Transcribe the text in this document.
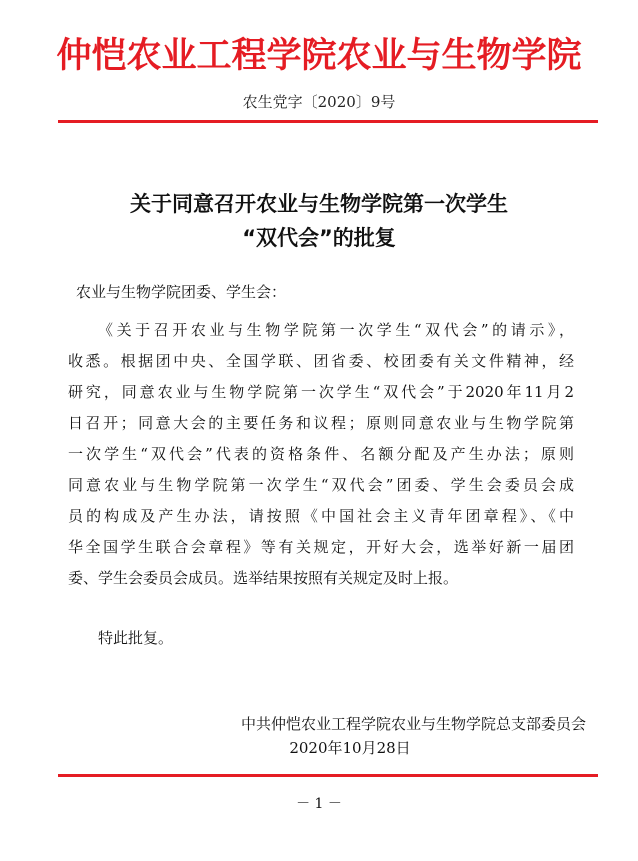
仲恺农业工程学院农业与生物学院
农生党字〔2020〕9号
关于同意召开农业与生物学院第一次学生
“双代会”的批复
农业与生物学院团委、学生会：
《关于召开农业与生物学院第一次学生“双代会”的请示》，
收悉。根据团中央、全国学联、团省委、校团委有关文件精神，经
研究，同意农业与生物学院第一次学生“双代会”于2020年11月2
日召开；同意大会的主要任务和议程；原则同意农业与生物学院第
一次学生“双代会”代表的资格条件、名额分配及产生办法；原则
同意农业与生物学院第一次学生“双代会”团委、学生会委员会成
员的构成及产生办法，请按照《中国社会主义青年团章程》、《中
华全国学生联合会章程》等有关规定，开好大会，选举好新一届团
委、学生会委员会成员。选举结果按照有关规定及时上报。
特此批复。
中共仲恺农业工程学院农业与生物学院总支部委员会
2020年10月28日
－ 1 －
